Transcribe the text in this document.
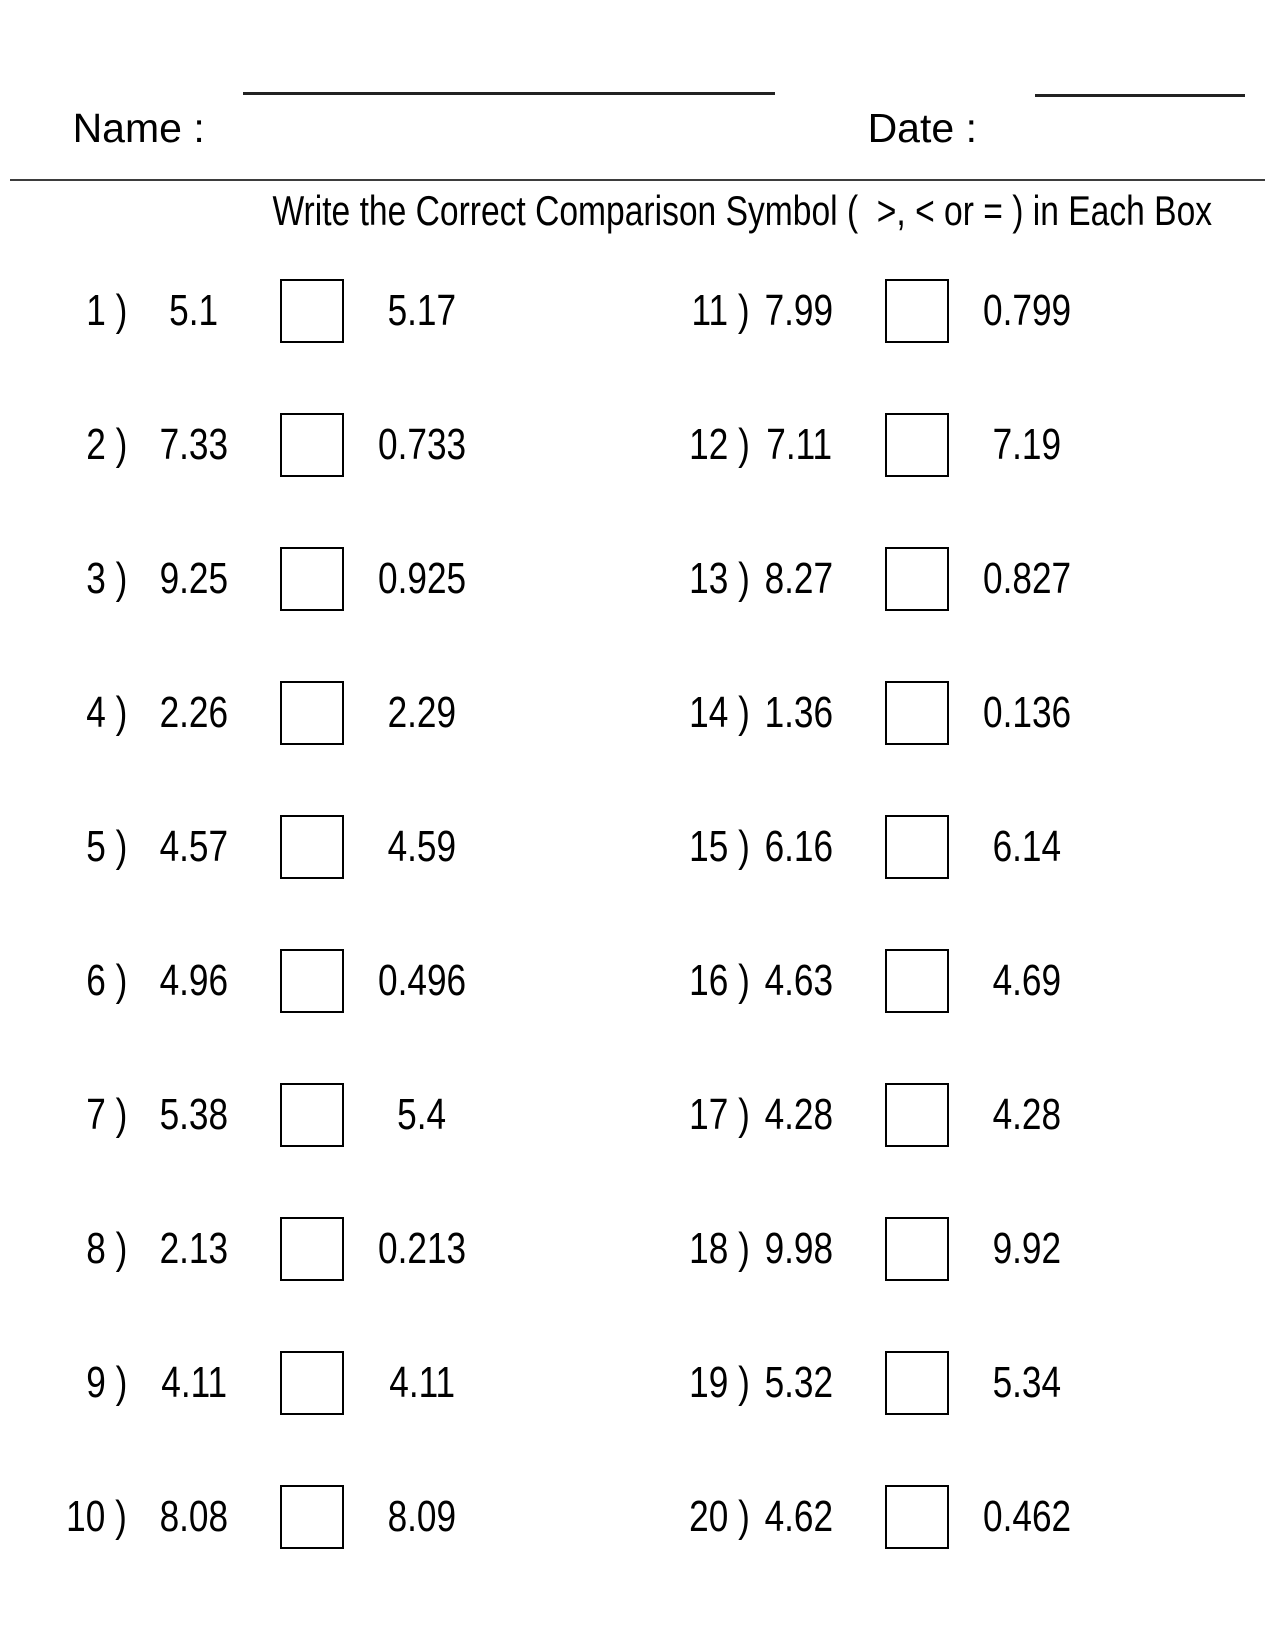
Name :
	Date :

Write the Correct Comparison Symbol (  >, < or = ) in Each Box
1 ) 5.1	5.17
2 ) 7.33	0.733
3 ) 9.25	0.925
4 ) 2.26	2.29
5 ) 4.57	4.59
6 ) 4.96	0.496
7 ) 5.38	5.4
8 ) 2.13	0.213
9 ) 4.11	4.11
10 ) 8.08	8.09
11 ) 7.99	0.799
12 ) 7.11	7.19
13 ) 8.27	0.827
14 ) 1.36	0.136
15 ) 6.16	6.14
16 ) 4.63	4.69
17 ) 4.28	4.28
18 ) 9.98	9.92
19 ) 5.32	5.34
20 ) 4.62	0.462
